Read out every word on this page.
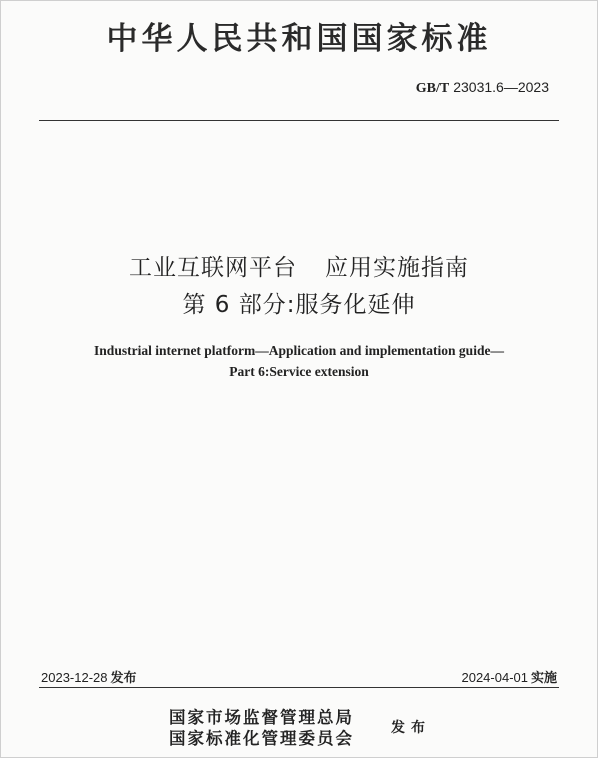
中华人民共和国国家标准
GB/T 23031.6—2023
工业互联网平台 应用实施指南
第 6 部分:服务化延伸
Industrial internet platform—Application and implementation guide—
Part 6:Service extension
2023-12-28 发布	2024-04-01 实施
国家市场监督管理总局
国家标准化管理委员会
发布
